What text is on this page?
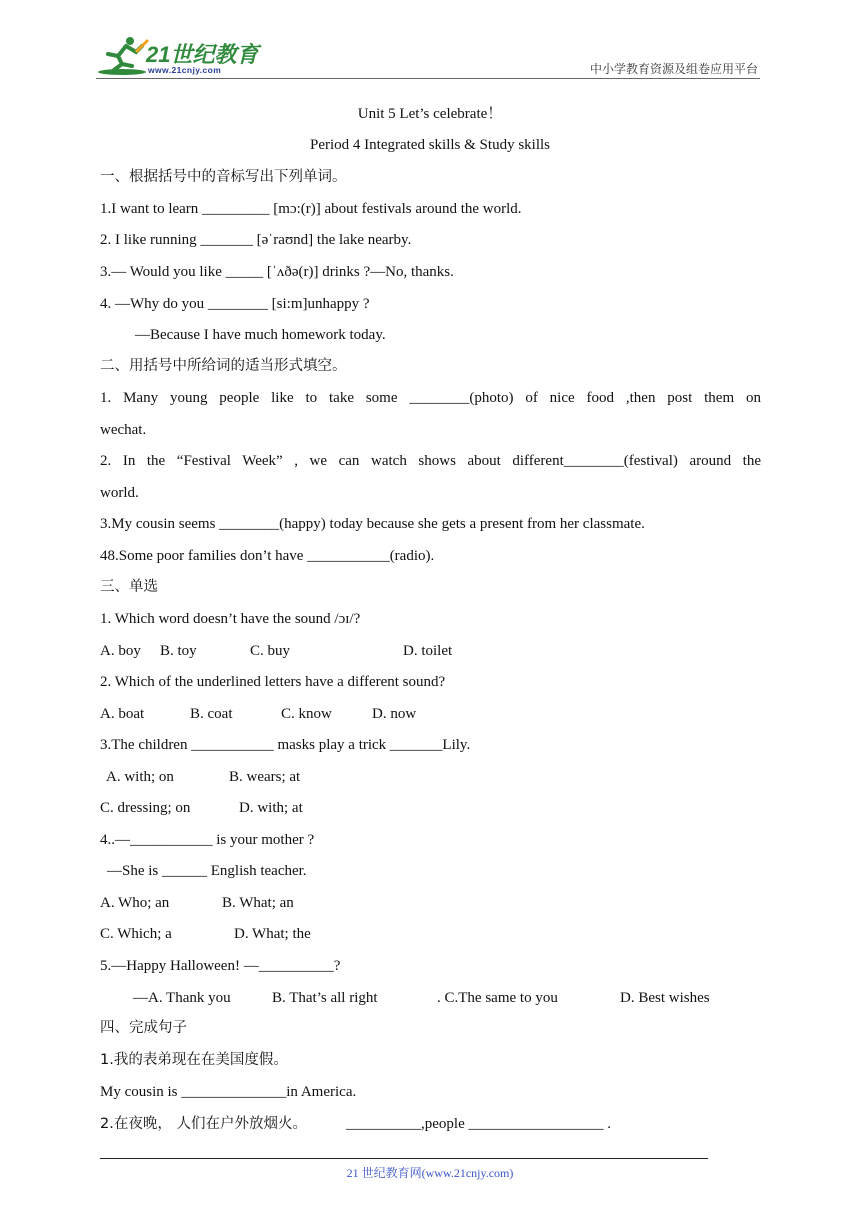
21世纪教育
www.21cnjy.com	中小学教育资源及组卷应用平台
Unit 5 Let’s celebrate！
Period 4 Integrated skills & Study skills
一、根据括号中的音标写出下列单词。
1.I want to learn _________ [mɔ:(r)] about festivals around the world.
2. I like running _______ [əˈraʊnd] the lake nearby.
3.— Would you like _____ [ˈʌðə(r)] drinks ?—No, thanks.
4. —Why do you ________ [si:m]unhappy ?
—Because I have much homework today.
二、用括号中所给词的适当形式填空。
1. Many young people like to take some ________(photo) of nice food ,then post them on
wechat.
2. In the “Festival Week” , we can watch shows about different________(festival) around the
world.
3.My cousin seems ________(happy) today because she gets a present from her classmate.
48.Some poor families don’t have ___________(radio).
三、单选
1. Which word doesn’t have the sound /ɔɪ/?
A. boy B. toy	C. buy	D. toilet
2. Which of the underlined letters have a different sound?
A. boat	B. coat	C. know	D. now
3.The children ___________ masks play a trick _______Lily.
A. with; on	B. wears; at
C. dressing; on	D. with; at
4..—___________ is your mother ?
—She is ______ English teacher.
A. Who; an	B. What; an
C. Which; a	D. What; the
5.—Happy Halloween! —__________?
—A. Thank you	B. That’s all right	. C.The same to you	D. Best wishes
四、完成句子
1.我的表弟现在在美国度假。
My cousin is ______________in America.
2.在夜晚， 人们在户外放烟火。	__________,people __________________ .
21 世纪教育网(www.21cnjy.com)
